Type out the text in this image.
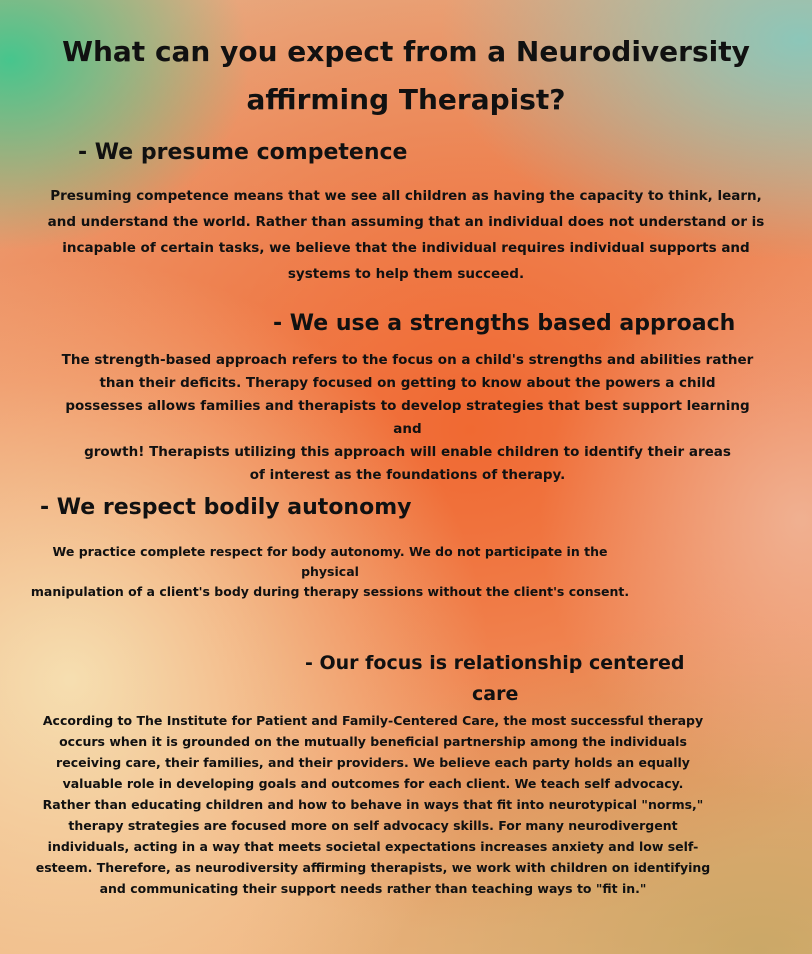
What can you expect from a Neurodiversity
affirming Therapist?
- We presume competence

Presuming competence means that we see all children as having the capacity to think, learn,
and understand the world. Rather than assuming that an individual does not understand or is
incapable of certain tasks, we believe that the individual requires individual supports and
systems to help them succeed.

- We use a strengths based approach

The strength-based approach refers to the focus on a child's strengths and abilities rather
than their deficits. Therapy focused on getting to know about the powers a child
possesses allows families and therapists to develop strategies that best support learning and
growth! Therapists utilizing this approach will enable children to identify their areas
of interest as the foundations of therapy.

- We respect bodily autonomy

We practice complete respect for body autonomy. We do not participate in the physical
manipulation of a client's body during therapy sessions without the client's consent.

- Our focus is relationship centered
care

According to The Institute for Patient and Family-Centered Care, the most successful therapy
occurs when it is grounded on the mutually beneficial partnership among the individuals
receiving care, their families, and their providers. We believe each party holds an equally
valuable role in developing goals and outcomes for each client. We teach self advocacy.
Rather than educating children and how to behave in ways that fit into neurotypical "norms,"
therapy strategies are focused more on self advocacy skills. For many neurodivergent
individuals, acting in a way that meets societal expectations increases anxiety and low self-
esteem. Therefore, as neurodiversity affirming therapists, we work with children on identifying
and communicating their support needs rather than teaching ways to "fit in."
